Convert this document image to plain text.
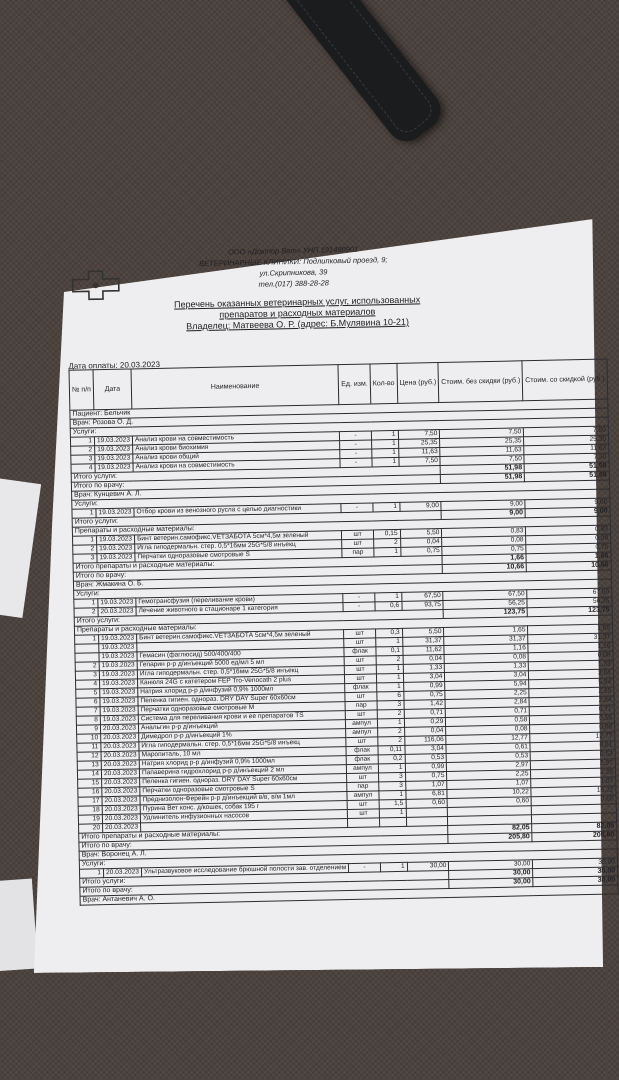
ООО «Доктор Вет» УНП 191490901
ВЕТЕРИНАРНЫЕ КЛИНИКИ: Подлипковый проезд, 9;
ул.Скрипникова, 39
тел.(017) 388-28-28
Перечень оказанных ветеринарных услуг, использованных
препаратов и расходных материалов
Владелец: Матвеева О. Р. (адрес: Б.Мулявина 10-21)
Дата оплаты: 20.03.2023
№ п/п	Дата	Наименование	Ед. изм.	Кол-во	Цена (руб.)	Стоим. без скидки (руб.)	Стоим. со скидкой (руб.)
Пациент: Бельчик							
Врач: Розова О. Д.							
Услуги:							
1	19.03.2023	Анализ крови на совместимость	-	1	7,50	7,50	7,50
2	19.03.2023	Анализ крови биохимия	-	1	25,35	25,35	25,35
3	19.03.2023	Анализ крови общий	-	1	11,63	11,63	11,63
4	19.03.2023	Анализ крови на совместимость	-	1	7,50	7,50	7,50
Итого услуги:						51,98	51,98
Итого по врачу:						51,98	51,98
Врач: Кунцевич А. Л.							
Услуги:							
1	19.03.2023	Отбор крови из венозного русла с целью диагностики	-	1	9,00	9,00	9,00
Итого услуги:						9,00	9,00
Препараты и расходные материалы:							
1	19.03.2023	Бинт ветерин.самофикс.VETЗАБОТА 5см*4,5м зеленый	шт	0,15	5,50	0,83	0,83
2	19.03.2023	Игла гиподермальн. стер. 0,5*16мм 25G*5/8 инъекц	шт	2	0,04	0,08	0,08
3	19.03.2023	Перчатки одноразовые смотровые S	пар	1	0,75	0,75	0,75
Итого препараты и расходные материалы:						1,66	1,66
Итого по врачу:						10,66	10,66
Врач: Жмакина О. Б.							
Услуги:							
1	19.03.2023	Гемотрансфузия (переливание крови)	-	1	67,50	67,50	67,50
2	20.03.2023	Лечение животного в стационаре 1 категория	-	0,6	93,75	56,25	56,25
Итого услуги:						123,75	123,75
Препараты и расходные материалы:							
1	19.03.2023	Бинт ветерин.самофикс.VETЗАБОТА 5см*4,5м зеленый	шт	0,3	5,50	1,65	1,65
	19.03.2023		шт	1	31,37	31,37	31,37
	19.03.2023	Гемасин (фаглюсид) 500/400/400	флак	0,1	11,62	1,16	1,16
2	19.03.2023	Гепарин р-р д/инъекций 5000 ед/мл 5 мл	шт	2	0,04	0,08	0,08
3	19.03.2023	Игла гиподермальн. стер. 0,5*16мм 25G*5/8 инъекц	шт	1	1,33	1,33	1,33
4	19.03.2023	Канюля 24G с катетером FEP Tro-Venocath 2 plus	шт	1	3,04	3,04	3,04
5	19.03.2023	Натрия хлорид р-р д/инфузий 0,9% 1000мл	флак	1	0,99	5,94	5,94
6	19.03.2023	Пеленка гигиен. однораз. DRY DAY Super 60х60см	шт	6	0,75	2,25	2,25
7	19.03.2023	Перчатки одноразовые смотровые M	пар	3	1,42	2,84	2,84
8	19.03.2023	Система для переливания крови и ее препаратов TS	шт	2	0,71	0,71	0,71
9	20.03.2023	Анальгин р-р д/инъекций	ампул	1	0,29	0,58	0,58
10	20.03.2023	Димедрол р-р д/инъекций 1%	ампул	2	0,04	0,08	0,08
11	20.03.2023	Игла гиподермальн. стер. 0,5*16мм 25G*5/8 инъекц	шт	2	116,06	12,77	12,77
12	20.03.2023	Маропиталь, 10 мл	флак	0,11	3,04	0,61	0,61
13	20.03.2023	Натрия хлорид р-р д/инфузий 0,9% 1000мл	флак	0,2	0,53	0,53	0,53
14	20.03.2023	Папаверина гидрохлорид р-р д/инъекций 2 мл	ампул	1	0,99	2,97	2,97
15	20.03.2023	Пеленка гигиен. однораз. DRY DAY Super 60х60см	шт	3	0,75	2,25	2,25
16	20.03.2023	Перчатки одноразовые смотровые S	пар	3	1,07	1,07	1,07
17	20.03.2023	Преднизолон-Ферейн р-р д/инъекций в/в, в/м 1мл	ампул	1	6,81	10,22	10,22
18	20.03.2023	Пурина Вет конс. д/кошек, собак 195 г	шт	1,5	0,60	0,60	0,60
19	20.03.2023	Удлинитель инфузионных насосов	шт	1			
20	20.03.2023						
Итого препараты и расходные материалы:						82,05	82,05
Итого по врачу:						205,80	205,80
Врач: Воронец А. Л.							
Услуги:							
1	20.03.2023	Ультразвуковое исследование брюшной полости зав. отделением	-	1	30,00	30,00	30,00
Итого услуги:						30,00	30,00
Итого по врачу:						30,00	30,00
Врач: Антаневич А. О.							
